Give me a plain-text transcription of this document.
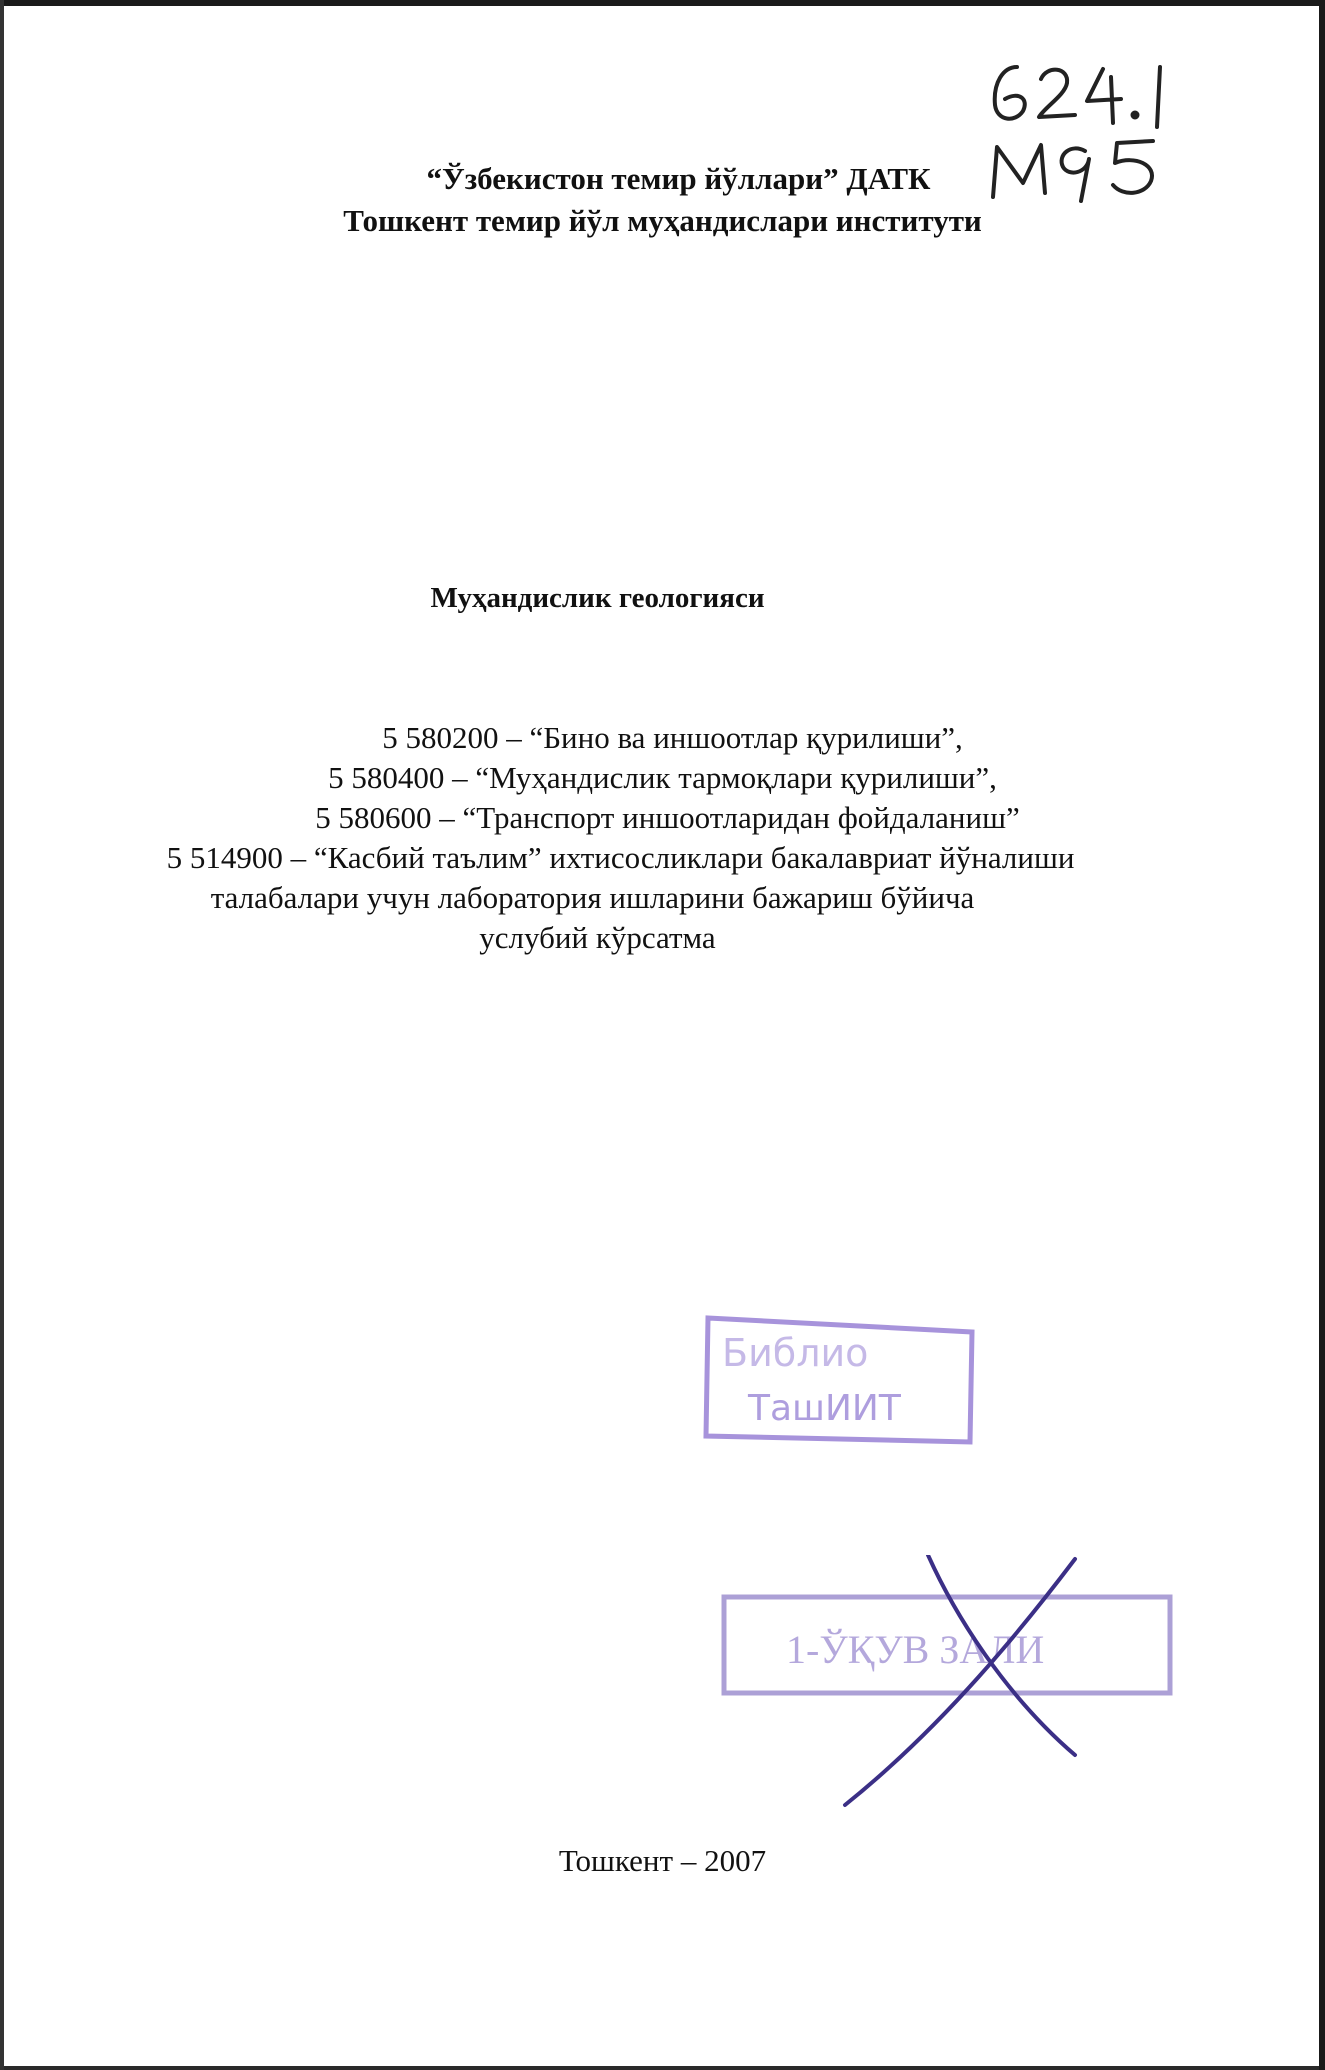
“Ўзбекистон темир йўллари” ДАТК
Тошкент темир йўл муҳандислари институти
Муҳандислик геологияси
5 580200 – “Бино ва иншоотлар қурилиши”,
5 580400 – “Муҳандислик тармоқлари қурилиши”,
5 580600 – “Транспорт иншоотларидан фойдаланиш”
5 514900 – “Касбий таълим” ихтисосликлари бакалавриат йўналиши
талабалари учун лаборатория ишларини бажариш бўйича
услубий кўрсатма
Библио
ТашИИТ
1-ЎҚУВ ЗАЛИ
Тошкент – 2007
